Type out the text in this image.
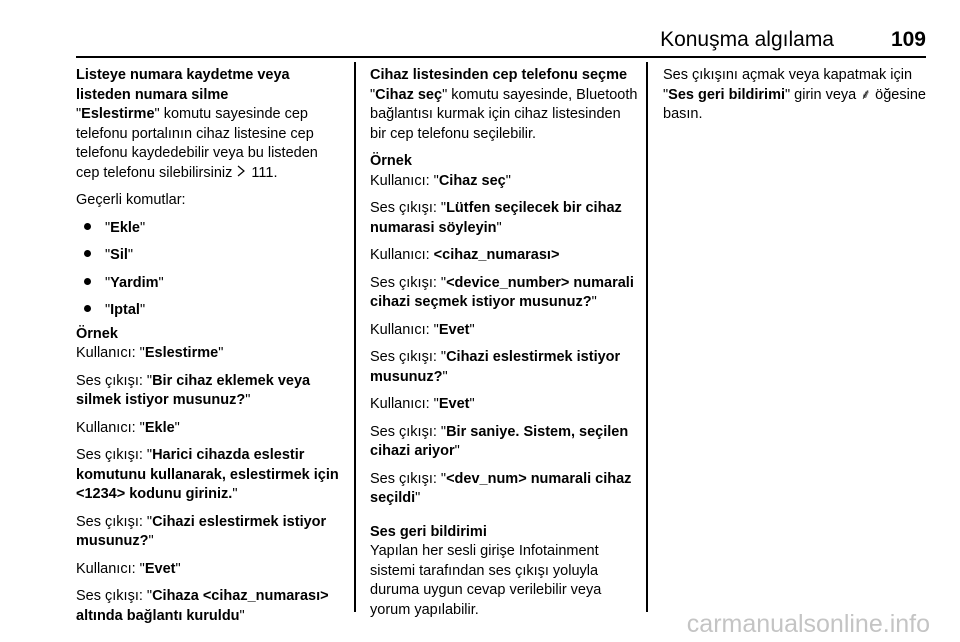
Konuşma algılama	109

Listeye numara kaydetme veya listeden numara silme

"Eslestirme" komutu sayesinde cep telefonu portalının cihaz listesine cep telefonu kaydedebilir veya bu listeden cep telefonu silebilirsiniz  111.

Geçerli komutlar:

"Ekle"
"Sil"
"Yardim"
"Iptal"

Örnek

Kullanıcı: "Eslestirme"

Ses çıkışı: "Bir cihaz eklemek veya silmek istiyor musunuz?"

Kullanıcı: "Ekle"

Ses çıkışı: "Harici cihazda eslestir komutunu kullanarak, eslestirmek için <1234> kodunu giriniz."

Ses çıkışı: "Cihazi eslestirmek istiyor musunuz?"

Kullanıcı: "Evet"

Ses çıkışı: "Cihaza <cihaz_numarası> altında bağlantı kuruldu"

Cihaz listesinden cep telefonu seçme

"Cihaz seç" komutu sayesinde, Bluetooth bağlantısı kurmak için cihaz listesinden bir cep telefonu seçilebilir.

Örnek

Kullanıcı: "Cihaz seç"

Ses çıkışı: "Lütfen seçilecek bir cihaz numarasi söyleyin"

Kullanıcı: <cihaz_numarası>

Ses çıkışı: "<device_number> numarali cihazi seçmek istiyor musunuz?"

Kullanıcı: "Evet"

Ses çıkışı: "Cihazi eslestirmek istiyor musunuz?"

Kullanıcı: "Evet"

Ses çıkışı: "Bir saniye. Sistem, seçilen cihazi ariyor"

Ses çıkışı: "<dev_num> numarali cihaz seçildi"

Ses geri bildirimi

Yapılan her sesli girişe Infotainment sistemi tarafından ses çıkışı yoluyla duruma uygun cevap verilebilir veya yorum yapılabilir.

Ses çıkışını açmak veya kapatmak için "Ses geri bildirimi" girin veya ⸙ öğesine basın.

carmanualsonline.info
